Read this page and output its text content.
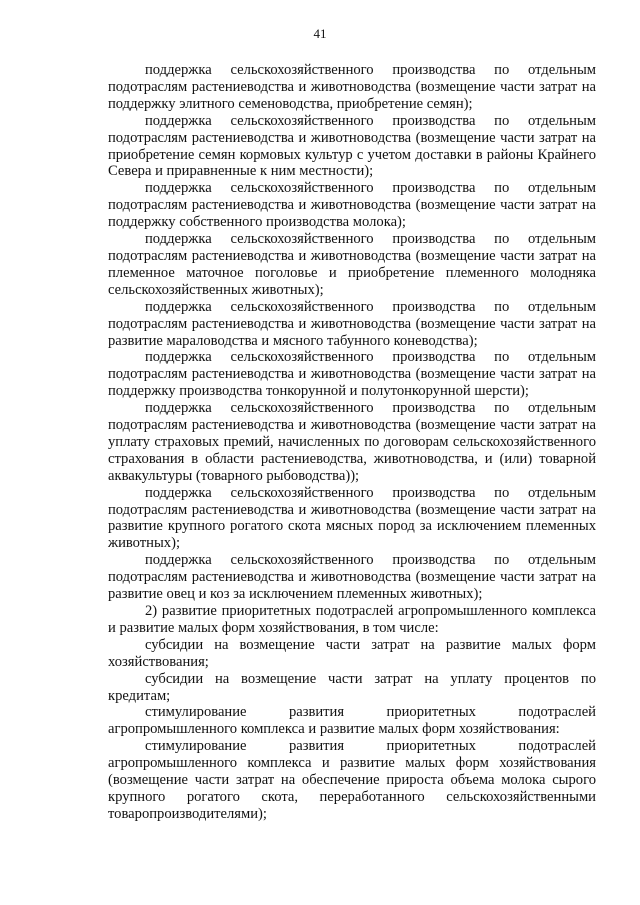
41

поддержка сельскохозяйственного производства по отдельным подотраслям растениеводства и животноводства (возмещение части затрат на поддержку элитного семеноводства, приобретение семян);

поддержка сельскохозяйственного производства по отдельным подотраслям растениеводства и животноводства (возмещение части затрат на приобретение семян кормовых культур с учетом доставки в районы Крайнего Севера и приравненные к ним местности);

поддержка сельскохозяйственного производства по отдельным подотраслям растениеводства и животноводства (возмещение части затрат на поддержку собственного производства молока);

поддержка сельскохозяйственного производства по отдельным подотраслям растениеводства и животноводства (возмещение части затрат на племенное маточное поголовье и приобретение племенного молодняка сельскохозяйственных животных);

поддержка сельскохозяйственного производства по отдельным подотраслям растениеводства и животноводства (возмещение части затрат на развитие мараловодства и мясного табунного коневодства);

поддержка сельскохозяйственного производства по отдельным подотраслям растениеводства и животноводства (возмещение части затрат на поддержку производства тонкорунной и полутонкорунной шерсти);

поддержка сельскохозяйственного производства по отдельным подотраслям растениеводства и животноводства (возмещение части затрат на уплату страховых премий, начисленных по договорам сельскохозяйственного страхования в области растениеводства, животноводства, и (или) товарной аквакультуры (товарного рыбоводства));

поддержка сельскохозяйственного производства по отдельным подотраслям растениеводства и животноводства (возмещение части затрат на развитие крупного рогатого скота мясных пород за исключением племенных животных);

поддержка сельскохозяйственного производства по отдельным подотраслям растениеводства и животноводства (возмещение части затрат на развитие овец и коз за исключением племенных животных);

2) развитие приоритетных подотраслей агропромышленного комплекса и развитие малых форм хозяйствования, в том числе:

субсидии на возмещение части затрат на развитие малых форм хозяйствования;

субсидии на возмещение части затрат на уплату процентов по кредитам;

стимулирование развития приоритетных подотраслей агропромышленного комплекса и развитие малых форм хозяйствования:

стимулирование развития приоритетных подотраслей агропромышленного комплекса и развитие малых форм хозяйствования (возмещение части затрат на обеспечение прироста объема молока сырого крупного рогатого скота, переработанного сельскохозяйственными товаропроизводителями);
